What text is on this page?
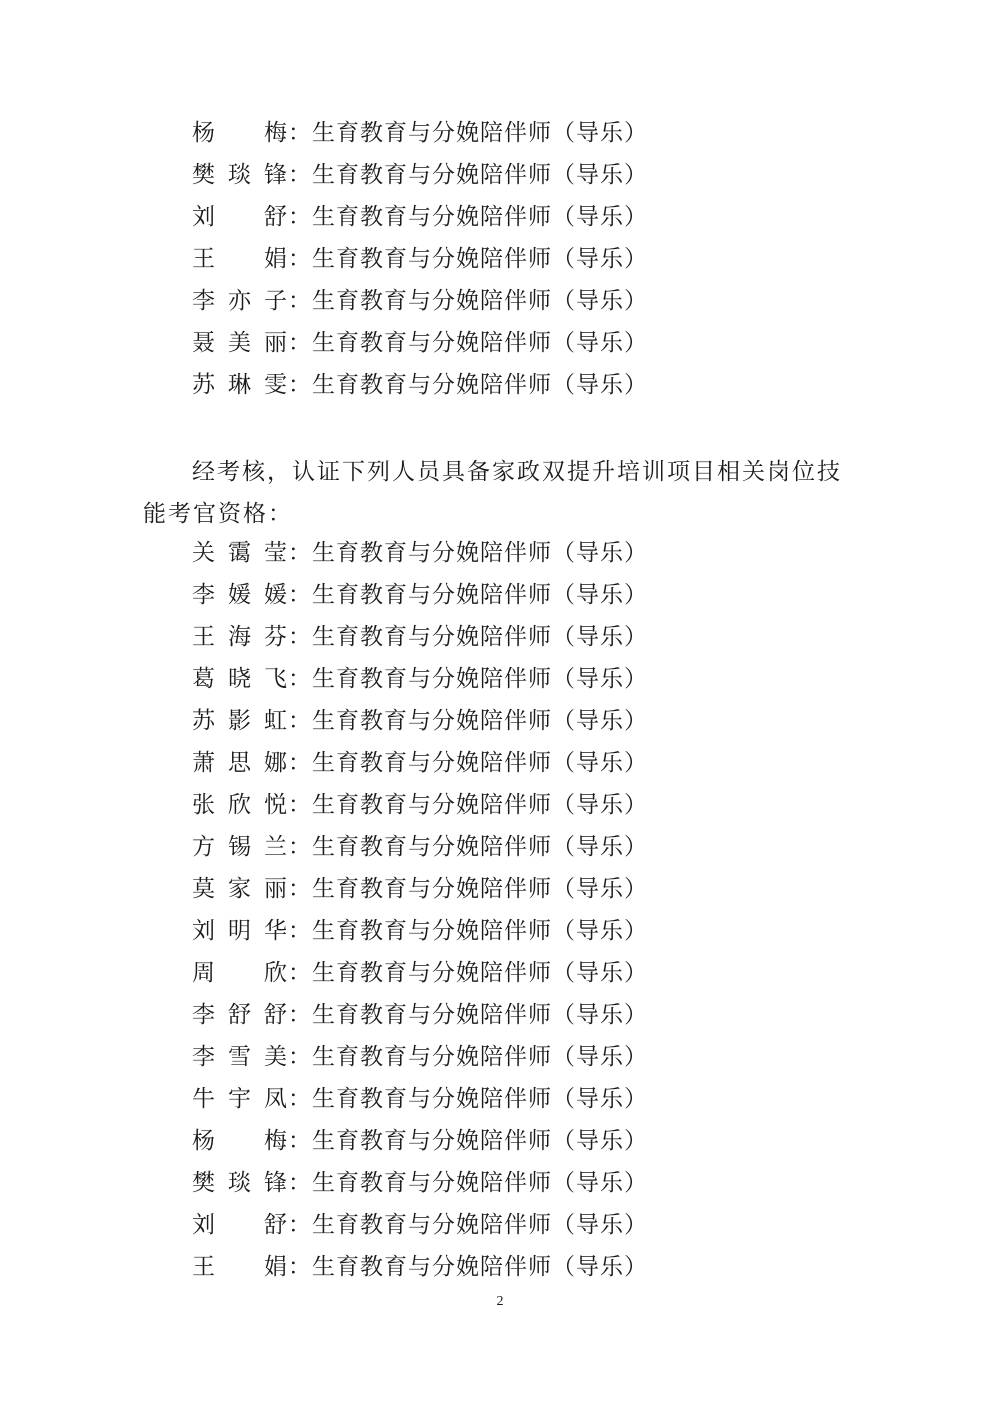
杨　梅：生育教育与分娩陪伴师（导乐）
樊琰锋：生育教育与分娩陪伴师（导乐）
刘　舒：生育教育与分娩陪伴师（导乐）
王　娟：生育教育与分娩陪伴师（导乐）
李亦子：生育教育与分娩陪伴师（导乐）
聂美丽：生育教育与分娩陪伴师（导乐）
苏琳雯：生育教育与分娩陪伴师（导乐）
经考核，认证下列人员具备家政双提升培训项目相关岗位技
能考官资格：
关霭莹：生育教育与分娩陪伴师（导乐）
李媛媛：生育教育与分娩陪伴师（导乐）
王海芬：生育教育与分娩陪伴师（导乐）
葛晓飞：生育教育与分娩陪伴师（导乐）
苏影虹：生育教育与分娩陪伴师（导乐）
萧思娜：生育教育与分娩陪伴师（导乐）
张欣悦：生育教育与分娩陪伴师（导乐）
方锡兰：生育教育与分娩陪伴师（导乐）
莫家丽：生育教育与分娩陪伴师（导乐）
刘明华：生育教育与分娩陪伴师（导乐）
周　欣：生育教育与分娩陪伴师（导乐）
李舒舒：生育教育与分娩陪伴师（导乐）
李雪美：生育教育与分娩陪伴师（导乐）
牛宇凤：生育教育与分娩陪伴师（导乐）
杨　梅：生育教育与分娩陪伴师（导乐）
樊琰锋：生育教育与分娩陪伴师（导乐）
刘　舒：生育教育与分娩陪伴师（导乐）
王　娟：生育教育与分娩陪伴师（导乐）
2
